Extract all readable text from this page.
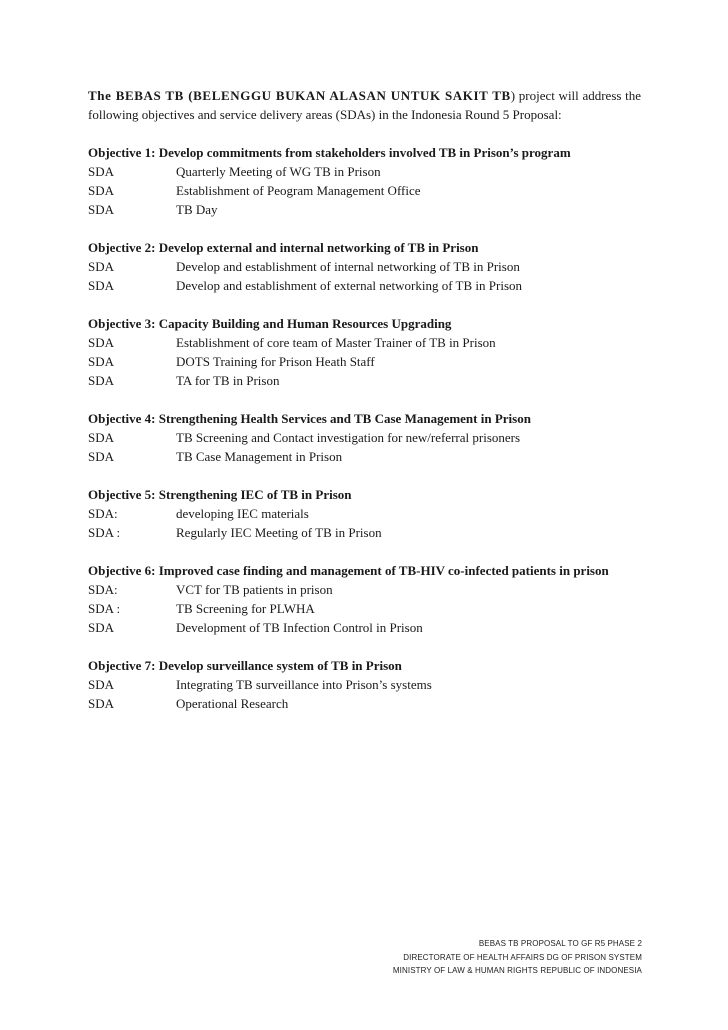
The BEBAS TB (BELENGGU BUKAN ALASAN UNTUK SAKIT TB) project will address the following objectives and service delivery areas (SDAs) in the Indonesia Round 5 Proposal:

Objective 1: Develop commitments from stakeholders involved TB in Prison’s program

SDA	Quarterly Meeting of WG TB in Prison
SDA	Establishment of Peogram Management Office
SDA	TB Day

Objective 2: Develop external and internal networking of TB in Prison

SDA	Develop and establishment of internal networking of TB in Prison
SDA	Develop and establishment of external networking of TB in Prison

Objective 3: Capacity Building and Human Resources Upgrading

SDA	Establishment of core team of Master Trainer of TB in Prison
SDA	DOTS Training for Prison Heath Staff
SDA	TA for TB in Prison

Objective 4: Strengthening Health Services and TB Case Management in Prison

SDA	TB Screening and Contact investigation for new/referral prisoners
SDA	TB Case Management in Prison

Objective 5: Strengthening IEC of TB in Prison

SDA:	developing IEC materials
SDA :	Regularly IEC Meeting of TB in Prison

Objective 6: Improved case finding and management of TB-HIV co-infected patients in prison

SDA:	VCT for TB patients in prison
SDA :	TB Screening for PLWHA
SDA	Development of TB Infection Control in Prison

Objective 7: Develop surveillance system of TB in Prison

SDA	Integrating TB surveillance into Prison’s systems
SDA	Operational Research
BEBAS TB PROPOSAL TO GF R5 PHASE 2
DIRECTORATE OF HEALTH AFFAIRS DG OF PRISON SYSTEM
MINISTRY OF LAW & HUMAN RIGHTS REPUBLIC OF INDONESIA
